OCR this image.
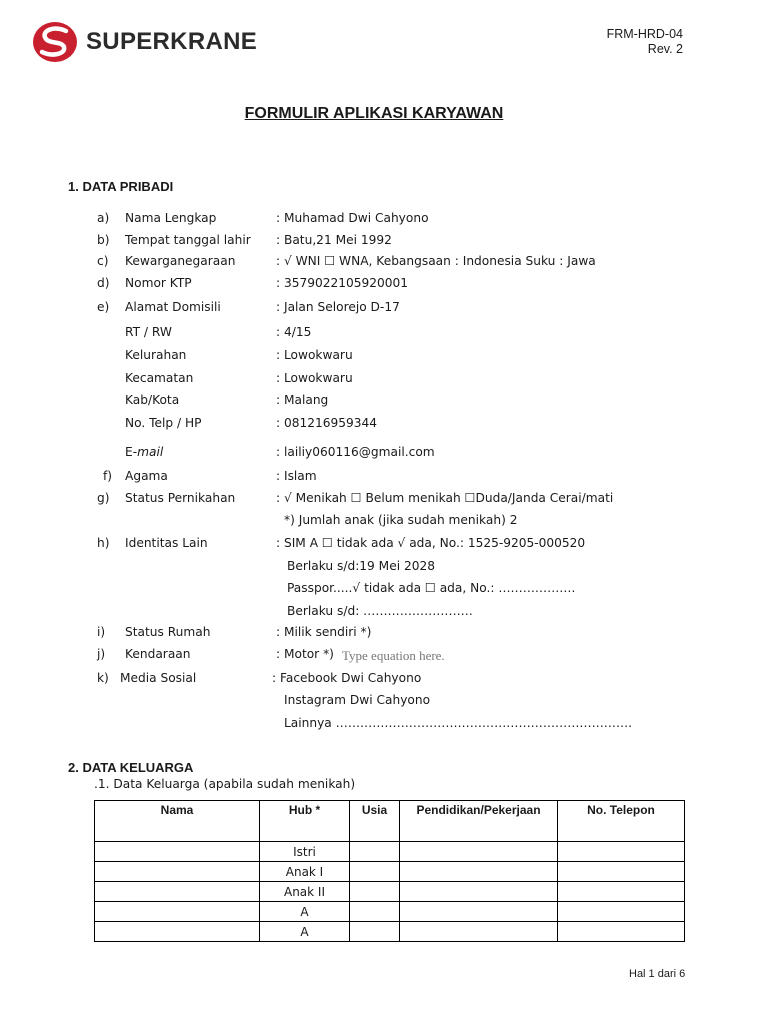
SUPERKRANE	FRM-HRD-04
Rev. 2
FORMULIR APLIKASI KARYAWAN
1. DATA PRIBADI
a) Nama Lengkap	: Muhamad Dwi Cahyono
b) Tempat tanggal lahir : Batu,21 Mei 1992
c) Kewarganegaraan	: √ WNI ☐ WNA, Kebangsaan : Indonesia Suku : Jawa
d) Nomor KTP	: 3579022105920001
e) Alamat Domisili	: Jalan Selorejo D-17
RT / RW	: 4/15
Kelurahan	: Lowokwaru
Kecamatan	: Lowokwaru
Kab/Kota	: Malang
No. Telp / HP	: 081216959344
E-mail	: lailiy060116@gmail.com
f) Agama	: Islam
g) Status Pernikahan	: √ Menikah ☐ Belum menikah ☐Duda/Janda Cerai/mati
*) Jumlah anak (jika sudah menikah) 2
h) Identitas Lain	: SIM A ☐ tidak ada √ ada, No.: 1525-9205-000520
Berlaku s/d:19 Mei 2028
Passpor.....√ tidak ada ☐ ada, No.: ……………….
Berlaku s/d: ………………………
i) Status Rumah	: Milik sendiri *)
j) Kendaraan	: Motor *)
k) Media Sosial	: Facebook Dwi Cahyono
Instagram Dwi Cahyono
Lainnya ……………………………………………………………….
Type equation here.
2. DATA KELUARGA
.1. Data Keluarga (apabila sudah menikah)
Nama	Hub *	Usia	Pendidikan/Pekerjaan	No. Telepon
	Istri			
	Anak I			
	Anak II			
	A			
	A			
Hal 1 dari 6
